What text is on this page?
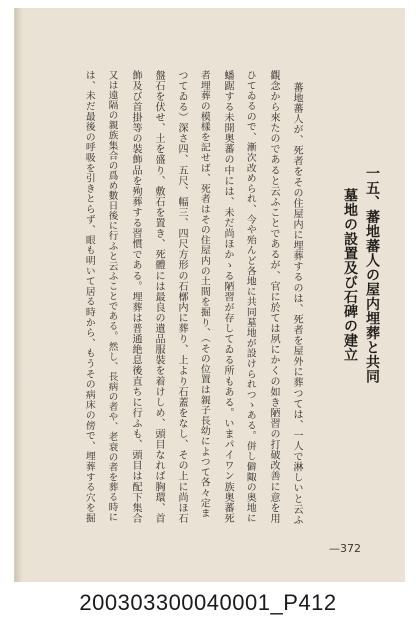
一五、蕃地蕃人の屋内埋葬と共同
墓地の設置及び石碑の建立
蕃地蕃人が、死者をその住屋内に埋葬するのは、死者を屋外に葬つては、一人で淋しいと云ふ
觀念から來たのであると云ふことであるが、官に於ては夙にかくの如き陋習の打破改善に意を用
ひてゐるので、漸次改められ、今や殆んど各地に共同墓地が設けられつゝある。併し僻陬の奥地に
蟠踞する未開奥蕃の中には、未だ尚ほかゝる陋習が存してゐる所もある。いまパイワン族奥蕃死
者埋葬の模樣を記せば、死者はその住屋内の土間を掘り、（その位置は親子長幼によつて各々定ま
つてゐる）深さ四、五尺、幅三、四尺方形の石槨内に葬り、上より石蓋をなし、その上に尚ほ石
盤石を伏せ、土を盛り、敷石を置き、死體には最良の遺品服裝を着けしめ、頭目なれば胸環、首
飾及び首掛等の裝飾品を殉葬する習慣である。埋葬は普通絶息後直ちに行ふも、頭目は配下集合
又は遠隔の親族集合の爲め數日後に行ふと云ふことである。然し、長病の者や、老衰の者を葬る時に
は、未だ最後の呼吸を引きとらず、眼も明いて居る時から、もうその病床の傍で、埋葬する穴を掘
—372
200303300040001_P412
